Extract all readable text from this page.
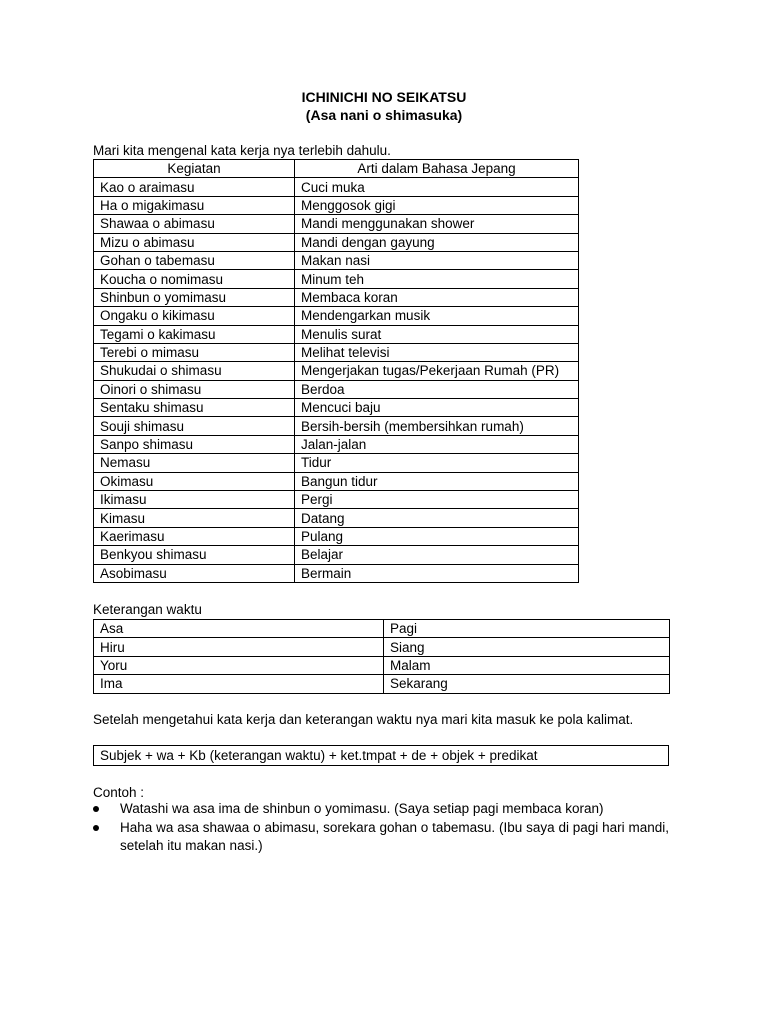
ICHINICHI NO SEIKATSU
(Asa nani o shimasuka)
Mari kita mengenal kata kerja nya terlebih dahulu.
Kegiatan	Arti dalam Bahasa Jepang
Kao o araimasu	Cuci muka
Ha o migakimasu	Menggosok gigi
Shawaa o abimasu	Mandi menggunakan shower
Mizu o abimasu	Mandi dengan gayung
Gohan o tabemasu	Makan nasi
Koucha o nomimasu	Minum teh
Shinbun o yomimasu	Membaca koran
Ongaku o kikimasu	Mendengarkan musik
Tegami o kakimasu	Menulis surat
Terebi o mimasu	Melihat televisi
Shukudai o shimasu	Mengerjakan tugas/Pekerjaan Rumah (PR)
Oinori o shimasu	Berdoa
Sentaku shimasu	Mencuci baju
Souji shimasu	Bersih-bersih (membersihkan rumah)
Sanpo shimasu	Jalan-jalan
Nemasu	Tidur
Okimasu	Bangun tidur
Ikimasu	Pergi
Kimasu	Datang
Kaerimasu	Pulang
Benkyou shimasu	Belajar
Asobimasu	Bermain
Keterangan waktu
Asa	Pagi
Hiru	Siang
Yoru	Malam
Ima	Sekarang
Setelah mengetahui kata kerja dan keterangan waktu nya mari kita masuk ke pola kalimat.
Subjek + wa + Kb (keterangan waktu) + ket.tmpat + de + objek + predikat
Contoh :
Watashi wa asa ima de shinbun o yomimasu. (Saya setiap pagi membaca koran)
Haha wa asa shawaa o abimasu, sorekara gohan o tabemasu. (Ibu saya di pagi hari mandi, setelah itu makan nasi.)
